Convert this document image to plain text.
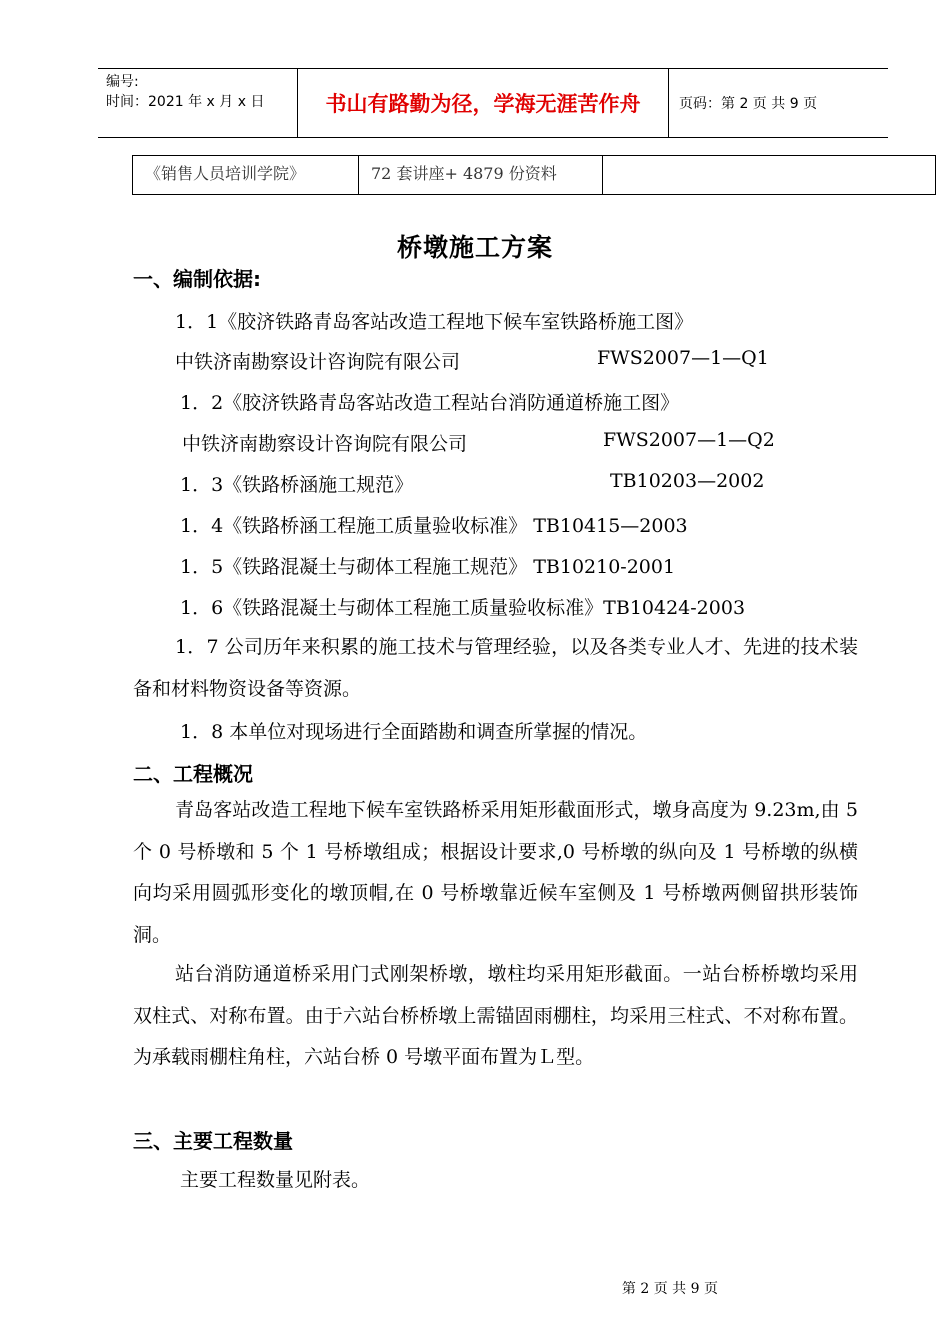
编号:
时间：2021 年 x 月 x 日	书山有路勤为径，学海无涯苦作舟	页码：第 2 页 共 9 页
《销售人员培训学院》	72 套讲座+ 4879 份资料
桥墩施工方案
一、编制依据:
1．1《胶济铁路青岛客站改造工程地下候车室铁路桥施工图》
中铁济南勘察设计咨询院有限公司	FWS2007—1—Q1
1．2《胶济铁路青岛客站改造工程站台消防通道桥施工图》
中铁济南勘察设计咨询院有限公司	FWS2007—1—Q2
1．3《铁路桥涵施工规范》	TB10203—2002
1．4《铁路桥涵工程施工质量验收标准》 TB10415—2003
1．5《铁路混凝土与砌体工程施工规范》 TB10210-2001
1．6《铁路混凝土与砌体工程施工质量验收标准》TB10424-2003
1．7 公司历年来积累的施工技术与管理经验，以及各类专业人才、先进的技术装备和材料物资设备等资源。
1．8 本单位对现场进行全面踏勘和调查所掌握的情况。
二、工程概况
青岛客站改造工程地下候车室铁路桥采用矩形截面形式，墩身高度为 9.23m,由 5 个 0 号桥墩和 5 个 1 号桥墩组成；根据设计要求,0 号桥墩的纵向及 1 号桥墩的纵横向均采用圆弧形变化的墩顶帽,在 0 号桥墩靠近候车室侧及 1 号桥墩两侧留拱形装饰洞。
站台消防通道桥采用门式刚架桥墩，墩柱均采用矩形截面。一站台桥桥墩均采用双柱式、对称布置。由于六站台桥桥墩上需锚固雨棚柱，均采用三柱式、不对称布置。为承载雨棚柱角柱，六站台桥 0 号墩平面布置为Ｌ型。
三、主要工程数量
主要工程数量见附表。
第 2 页 共 9 页
